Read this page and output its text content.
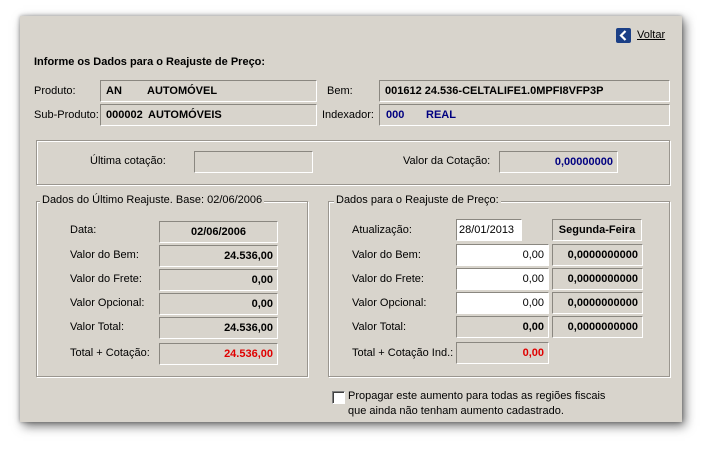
Voltar
Informe os Dados para o Reajuste de Preço:
Produto:	AN AUTOMÓVEL	Bem:	001612 24.536-CELTALIFE1.0MPFI8VFP3P
Sub-Produto: 000002 AUTOMÓVEIS	Indexador: 000 REAL
Última cotação:	Valor da Cotação:	0,00000000
Dados do Último Reajuste. Base: 02/06/2006
Data:	02/06/2006
Valor do Bem:	24.536,00
Valor do Frete:	0,00
Valor Opcional:	0,00
Valor Total:	24.536,00
Total + Cotação:	24.536,00
Dados para o Reajuste de Preço:
Atualização:	28/01/2013	Segunda-Feira
Valor do Bem:	0,00	0,0000000000
Valor do Frete:	0,00	0,0000000000
Valor Opcional:	0,00	0,0000000000
Valor Total:	0,00	0,0000000000
Total + Cotação Ind.:	0,00
Propagar este aumento para todas as regiões fiscais
que ainda não tenham aumento cadastrado.
